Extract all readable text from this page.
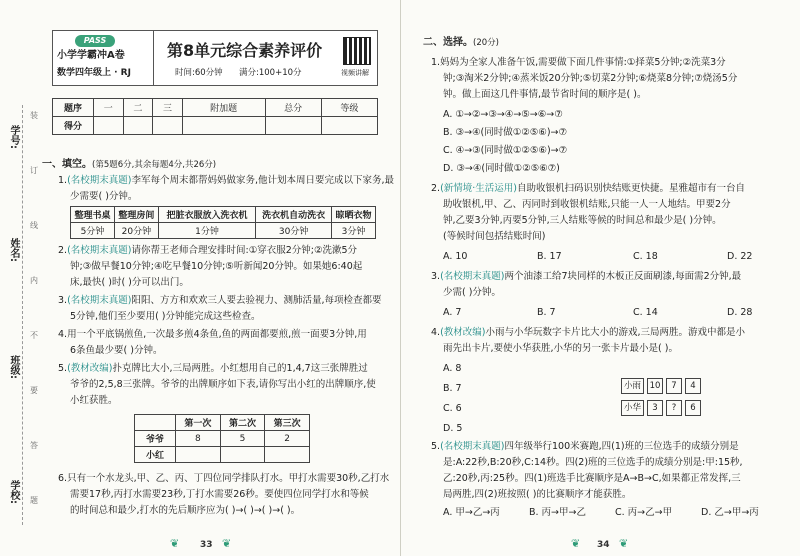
学号:
姓名:
班级:
学校:
装
订
线
内
不
要
答
题
PASS
小学学霸冲A卷
数学四年级上 · RJ
第8单元综合素养评价
时间:60分钟 满分:100+10分	视频讲解
题序	一	二	三	附加题	总分	等级
得分						
一、填空。(第5题6分,其余每题4分,共26分)
1.(名校期末真题)李军每个周末都帮妈妈做家务,他计划本周日要完成以下家务,最
少需要( )分钟。
整理书桌	整理房间	把脏衣服放入洗衣机	洗衣机自动洗衣	晾晒衣物
5分钟	20分钟	1分钟	30分钟	3分钟
2.(名校期末真题)请你帮王老师合理安排时间:①穿衣服2分钟;②洗漱5分
钟;③做早餐10分钟;④吃早餐10分钟;⑤听新闻20分钟。如果她6:40起
床,最快( )时( )分可以出门。
3.(名校期末真题)阳阳、方方和欢欢三人要去验视力、测肺活量,每项检查都要
5分钟,他们至少要用( )分钟能完成这些检查。
4.用一个平底锅煎鱼,一次最多煎4条鱼,鱼的两面都要煎,煎一面要3分钟,用
6条鱼最少要( )分钟。
5.(教材改编)扑克牌比大小,三局两胜。小红想用自己的1,4,7这三张牌胜过
爷爷的2,5,8三张牌。爷爷的出牌顺序如下表,请你写出小红的出牌顺序,使
小红获胜。
	第一次	第二次	第三次
爷爷	8	5	2
小红			
6.只有一个水龙头,甲、乙、丙、丁四位同学排队打水。甲打水需要30秒,乙打水
需要17秒,丙打水需要23秒,丁打水需要26秒。要使四位同学打水和等候
的时间总和最少,打水的先后顺序应为( )→( )→( )→( )。
❦ 33 ❦
二、选择。(20分)
1.妈妈为全家人准备午饭,需要做下面几件事情:①择菜5分钟;②洗菜3分
钟;③淘米2分钟;④蒸米饭20分钟;⑤切菜2分钟;⑥烧菜8分钟;⑦烧汤5分
钟。做上面这几件事情,最节省时间的顺序是( )。
A. ①→②→③→④→⑤→⑥→⑦
B. ③→④(同时做①②⑤⑥)→⑦
C. ④→③(同时做①②⑤⑥)→⑦
D. ③→④(同时做①②⑤⑥⑦)
2.(新情境·生活运用)自助收银机扫码识别快结账更快捷。星雅超市有一台自
助收银机,甲、乙、丙同时到收银机结账,只能一人一人地结。甲要2分
钟,乙要3分钟,丙要5分钟,三人结账等候的时间总和最少是( )分钟。
(等候时间包括结账时间)
A. 10	B. 17	C. 18	D. 22
3.(名校期末真题)两个油漆工给7块同样的木板正反面刷漆,每面需2分钟,最
少需( )分钟。
A. 7	B. 7	C. 14	D. 28
4.(教材改编)小雨与小华玩数字卡片比大小的游戏,三局两胜。游戏中都是小
雨先出卡片,要使小华获胜,小华的另一张卡片最小是( )。
A. 8
B. 7
C. 6
D. 5
小雨 10 7 4
小华 3 ? 6
5.(名校期末真题)四年级举行100米赛跑,四(1)班的三位选手的成绩分别是
是:A:22秒,B:20秒,C:14秒。四(2)班的三位选手的成绩分别是:甲:15秒,
乙:20秒,丙:25秒。四(1)班选手比赛顺序是A→B→C,如果都正常发挥,三
局两胜,四(2)班按照( )的比赛顺序才能获胜。
A. 甲→乙→丙	B. 丙→甲→乙	C. 丙→乙→甲	D. 乙→甲→丙
❦ 34 ❦
